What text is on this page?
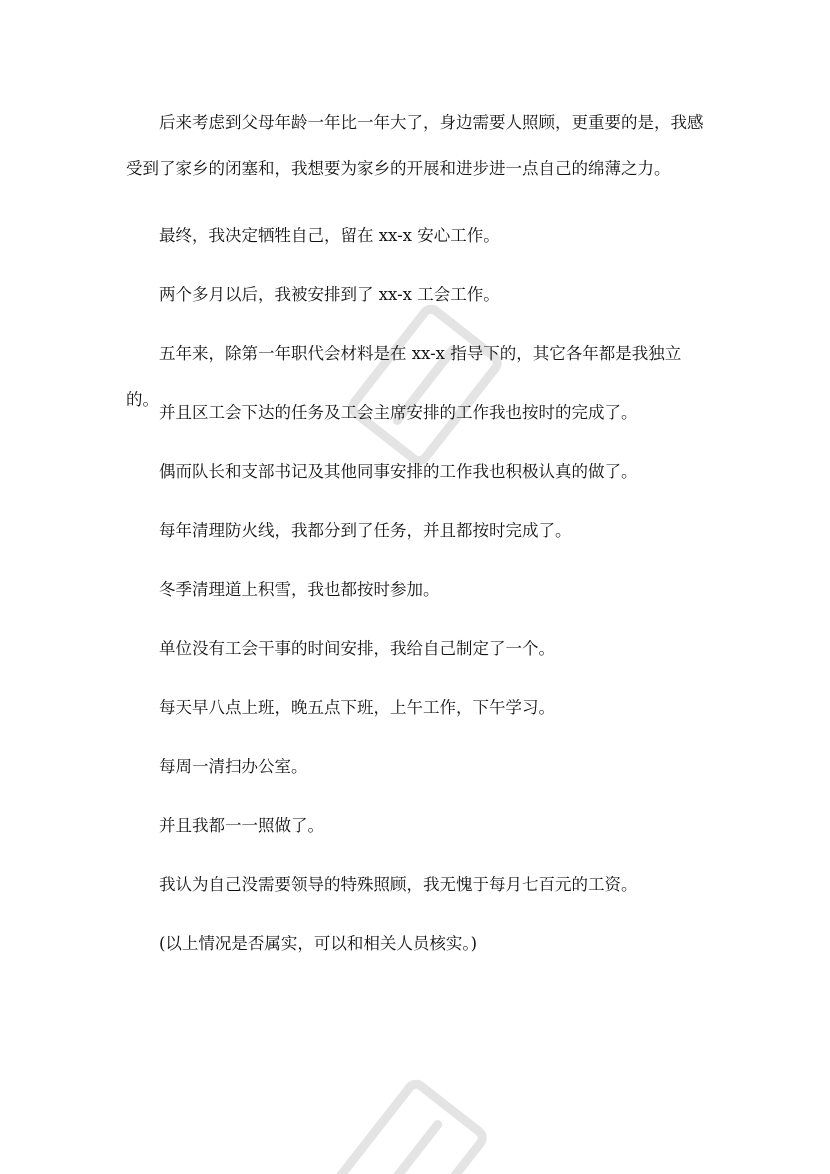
后来考虑到父母年龄一年比一年大了，身边需要人照顾，更重要的是，我感受到了家乡的闭塞和，我想要为家乡的开展和进步进一点自己的绵薄之力。

最终，我决定牺牲自己，留在 xx-x 安心工作。

两个多月以后，我被安排到了 xx-x 工会工作。

五年来，除第一年职代会材料是在 xx-x 指导下的，其它各年都是我独立的。

并且区工会下达的任务及工会主席安排的工作我也按时的完成了。

偶而队长和支部书记及其他同事安排的工作我也积极认真的做了。

每年清理防火线，我都分到了任务，并且都按时完成了。

冬季清理道上积雪，我也都按时参加。

单位没有工会干事的时间安排，我给自己制定了一个。

每天早八点上班，晚五点下班，上午工作，下午学习。

每周一清扫办公室。

并且我都一一照做了。

我认为自己没需要领导的特殊照顾，我无愧于每月七百元的工资。

(以上情况是否属实，可以和相关人员核实。)
